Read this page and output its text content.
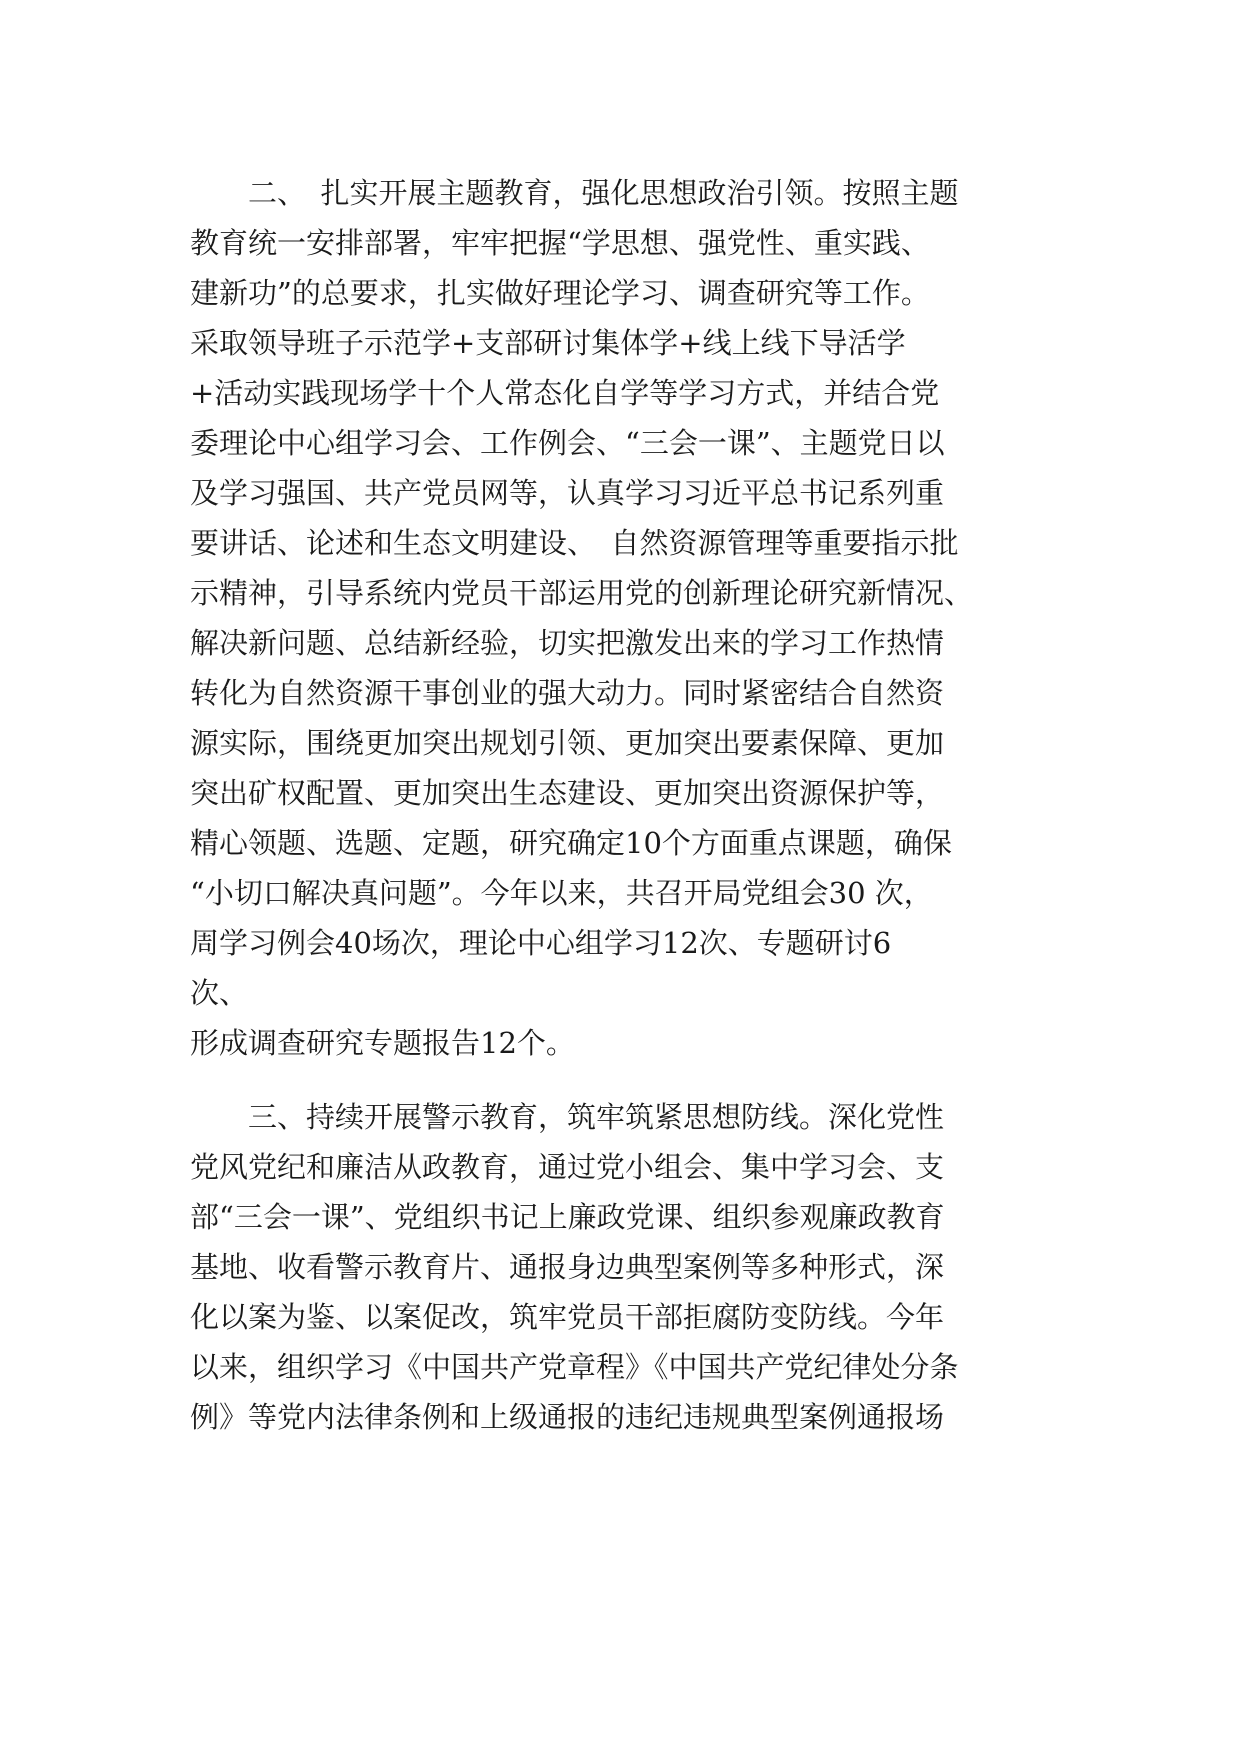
　　二、　扎实开展主题教育，强化思想政治引领。按照主题
教育统一安排部署，牢牢把握“学思想、强党性、重实践、
建新功”的总要求，扎实做好理论学习、调查研究等工作。
采取领导班子示范学+支部研讨集体学+线上线下导活学
+活动实践现场学十个人常态化自学等学习方式，并结合党
委理论中心组学习会、工作例会、“三会一课”、主题党日以
及学习强国、共产党员网等，认真学习习近平总书记系列重
要讲话、论述和生态文明建设、　自然资源管理等重要指示批
示精神，引导系统内党员干部运用党的创新理论研究新情况、
解决新问题、总结新经验，切实把激发出来的学习工作热情
转化为自然资源干事创业的强大动力。同时紧密结合自然资
源实际，围绕更加突出规划引领、更加突出要素保障、更加
突出矿权配置、更加突出生态建设、更加突出资源保护等，
精心领题、选题、定题，研究确定10个方面重点课题，确保
“小切口解决真问题”。今年以来，共召开局党组会30 次，
周学习例会40场次，理论中心组学习12次、专题研讨6
次、
形成调查研究专题报告12个。
　　三、持续开展警示教育，筑牢筑紧思想防线。深化党性
党风党纪和廉洁从政教育，通过党小组会、集中学习会、支
部“三会一课”、党组织书记上廉政党课、组织参观廉政教育
基地、收看警示教育片、通报身边典型案例等多种形式，深
化以案为鉴、以案促改，筑牢党员干部拒腐防变防线。今年
以来，组织学习《中国共产党章程》《中国共产党纪律处分条
例》等党内法律条例和上级通报的违纪违规典型案例通报场
